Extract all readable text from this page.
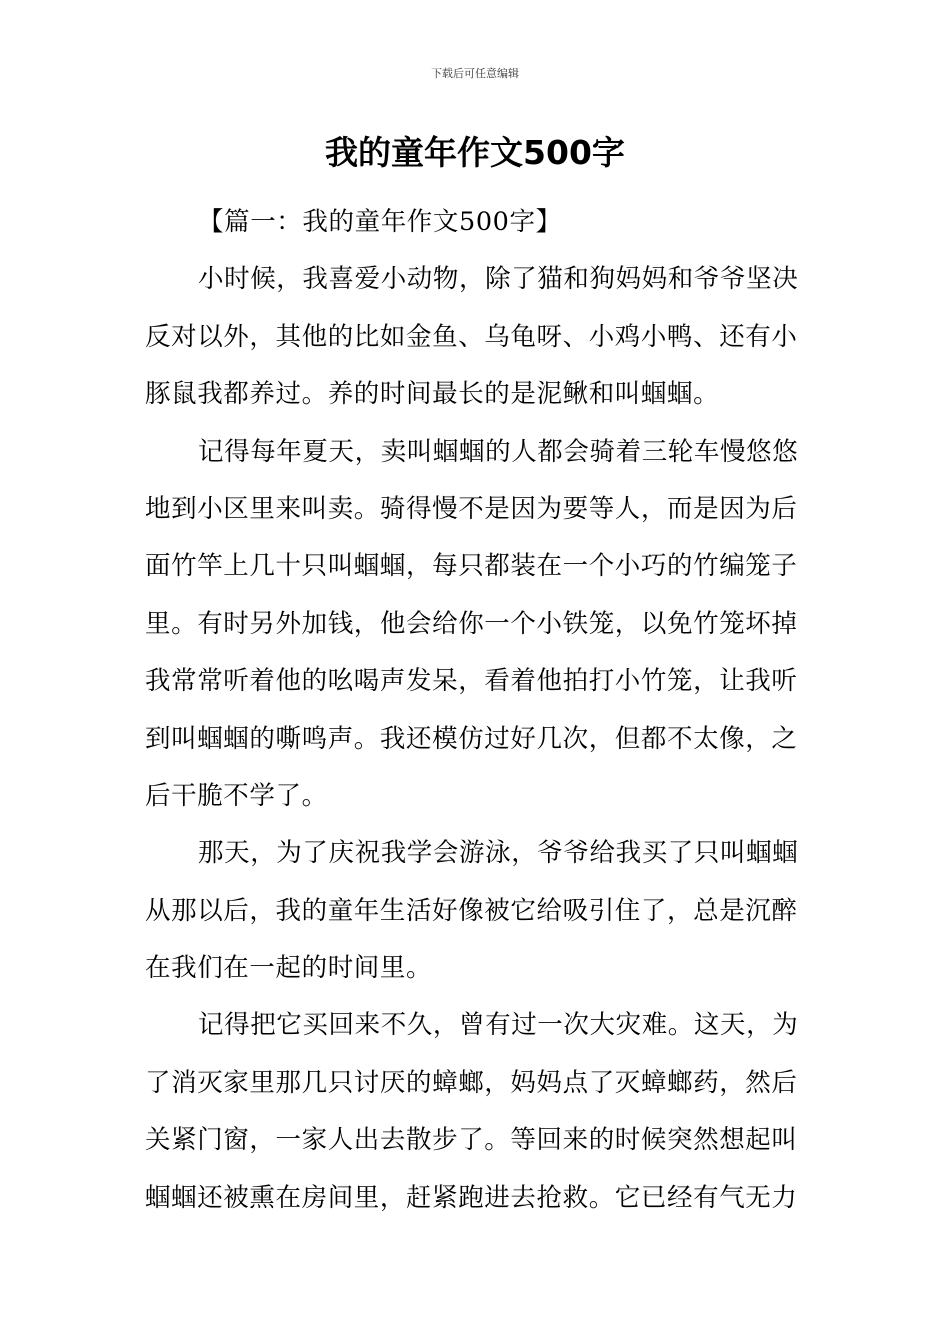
下载后可任意编辑
我的童年作文500字
【篇一：我的童年作文500字】
小时候，我喜爱小动物，除了猫和狗妈妈和爷爷坚决
反对以外，其他的比如金鱼、乌龟呀、小鸡小鸭、还有小
豚鼠我都养过。养的时间最长的是泥鳅和叫蝈蝈。
记得每年夏天，卖叫蝈蝈的人都会骑着三轮车慢悠悠
地到小区里来叫卖。骑得慢不是因为要等人，而是因为后
面竹竿上几十只叫蝈蝈，每只都装在一个小巧的竹编笼子
里。有时另外加钱，他会给你一个小铁笼，以免竹笼坏掉
我常常听着他的吆喝声发呆，看着他拍打小竹笼，让我听
到叫蝈蝈的嘶鸣声。我还模仿过好几次，但都不太像，之
后干脆不学了。
那天，为了庆祝我学会游泳，爷爷给我买了只叫蝈蝈
从那以后，我的童年生活好像被它给吸引住了，总是沉醉
在我们在一起的时间里。
记得把它买回来不久，曾有过一次大灾难。这天，为
了消灭家里那几只讨厌的蟑螂，妈妈点了灭蟑螂药，然后
关紧门窗，一家人出去散步了。等回来的时候突然想起叫
蝈蝈还被熏在房间里，赶紧跑进去抢救。它已经有气无力
